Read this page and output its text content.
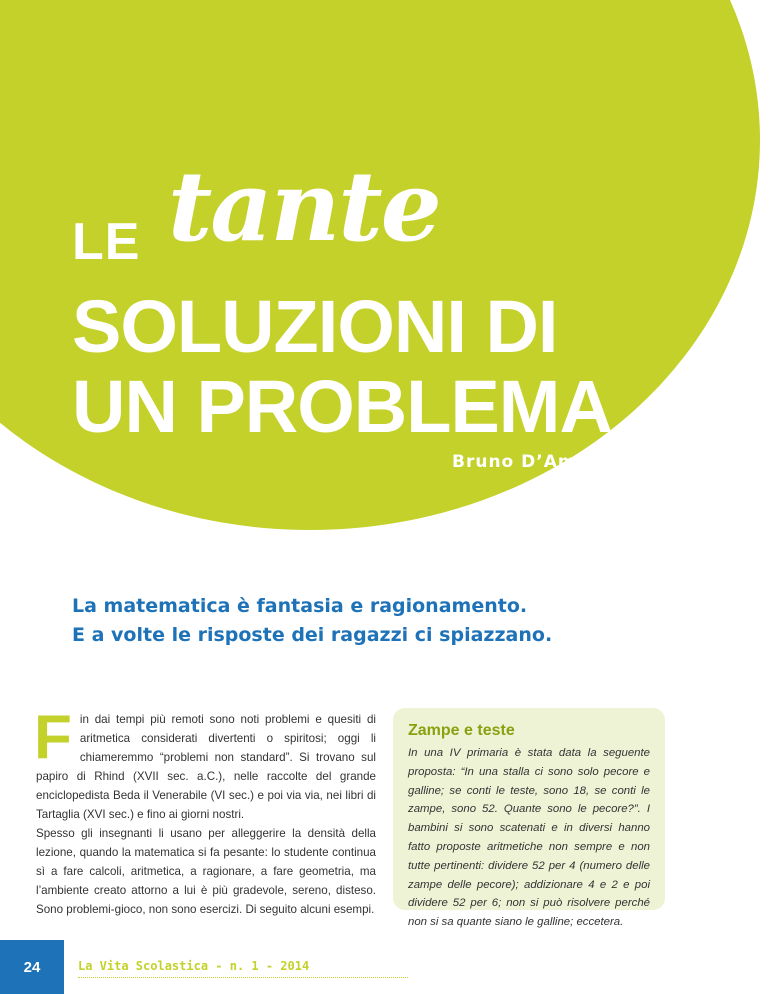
LE tante
SOLUZIONI DI
UN PROBLEMA
Bruno D’Amore
La matematica è fantasia e ragionamento.
E a volte le risposte dei ragazzi ci spiazzano.
F in dai tempi più remoti sono noti problemi e quesiti di aritmetica considerati divertenti o spiritosi; oggi li chiameremmo “problemi non standard”. Si trovano sul papiro di Rhind (XVII sec. a.C.), nelle raccolte del grande enciclopedista Beda il Venerabile (VI sec.) e poi via via, nei libri di Tartaglia (XVI sec.) e fino ai giorni nostri.

Spesso gli insegnanti li usano per alleggerire la densità della lezione, quando la matematica si fa pesante: lo studente continua sì a fare calcoli, aritmetica, a ragionare, a fare geometria, ma l’ambiente creato attorno a lui è più gradevole, sereno, disteso. Sono problemi-gioco, non sono esercizi. Di seguito alcuni esempi.

Zampe e teste

In una IV primaria è stata data la seguente proposta: “In una stalla ci sono solo pecore e galline; se conti le teste, sono 18, se conti le zampe, sono 52. Quante sono le pecore?”. I bambini si sono scatenati e in diversi hanno fatto proposte aritmetiche non sempre e non tutte pertinenti: dividere 52 per 4 (numero delle zampe delle pecore); addizionare 4 e 2 e poi dividere 52 per 6; non si può risolvere perché non si sa quante siano le galline; eccetera.

24	La Vita Scolastica - n. 1 - 2014
